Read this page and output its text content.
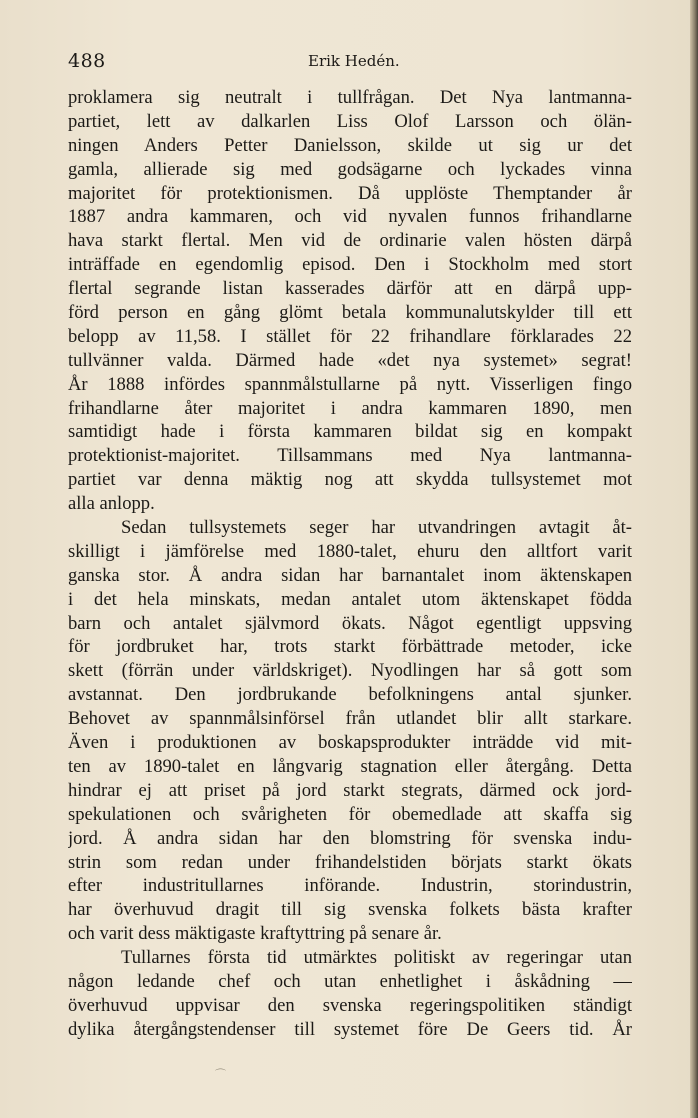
488	Erik Hedén.
proklamera sig neutralt i tullfrågan. Det Nya lantmanna-
partiet, lett av dalkarlen Liss Olof Larsson och ölän-
ningen Anders Petter Danielsson, skilde ut sig ur det
gamla, allierade sig med godsägarne och lyckades vinna
majoritet för protektionismen. Då upplöste Themptander år
1887 andra kammaren, och vid nyvalen funnos frihandlarne
hava starkt flertal. Men vid de ordinarie valen hösten därpå
inträffade en egendomlig episod. Den i Stockholm med stort
flertal segrande listan kasserades därför att en därpå upp-
förd person en gång glömt betala kommunalutskylder till ett
belopp av 11,58. I stället för 22 frihandlare förklarades 22
tullvänner valda. Därmed hade «det nya systemet» segrat!
År 1888 infördes spannmålstullarne på nytt. Visserligen fingo
frihandlarne åter majoritet i andra kammaren 1890, men
samtidigt hade i första kammaren bildat sig en kompakt
protektionist-majoritet. Tillsammans med Nya lantmanna-
partiet var denna mäktig nog att skydda tullsystemet mot
alla anlopp.
Sedan tullsystemets seger har utvandringen avtagit åt-
skilligt i jämförelse med 1880-talet, ehuru den alltfort varit
ganska stor. Å andra sidan har barnantalet inom äktenskapen
i det hela minskats, medan antalet utom äktenskapet födda
barn och antalet självmord ökats. Något egentligt uppsving
för jordbruket har, trots starkt förbättrade metoder, icke
skett (förrän under världskriget). Nyodlingen har så gott som
avstannat. Den jordbrukande befolkningens antal sjunker.
Behovet av spannmålsinförsel från utlandet blir allt starkare.
Även i produktionen av boskapsprodukter inträdde vid mit-
ten av 1890-talet en långvarig stagnation eller återgång. Detta
hindrar ej att priset på jord starkt stegrats, därmed ock jord-
spekulationen och svårigheten för obemedlade att skaffa sig
jord. Å andra sidan har den blomstring för svenska indu-
strin som redan under frihandelstiden börjats starkt ökats
efter industritullarnes införande. Industrin, storindustrin,
har överhuvud dragit till sig svenska folkets bästa krafter
och varit dess mäktigaste kraftyttring på senare år.
Tullarnes första tid utmärktes politiskt av regeringar utan
någon ledande chef och utan enhetlighet i åskådning —
överhuvud uppvisar den svenska regeringspolitiken ständigt
dylika återgångstendenser till systemet före De Geers tid. År
⌒
